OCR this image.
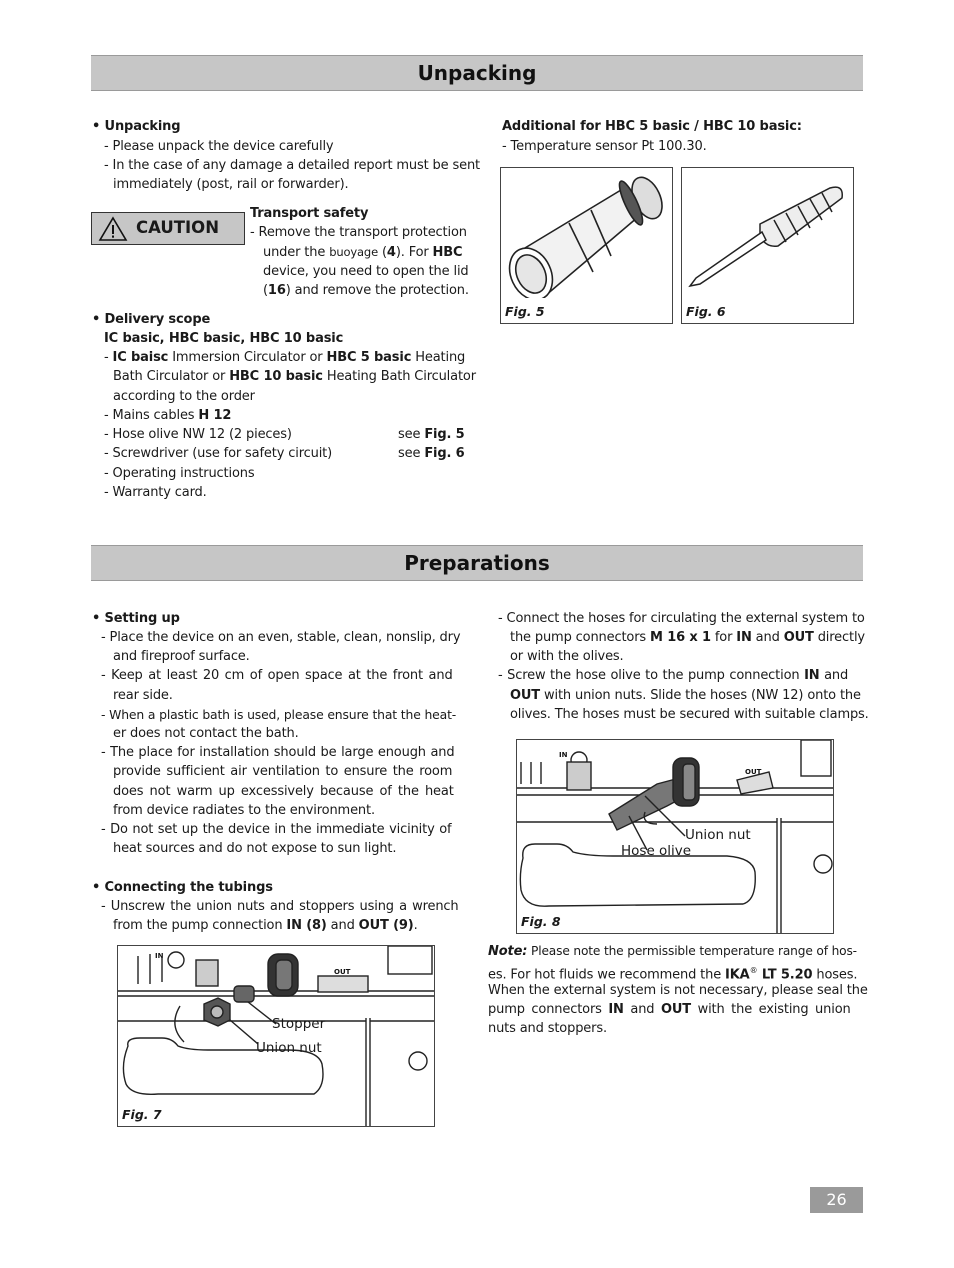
Unpacking
• Unpacking
- Please unpack the device carefully
- In the case of any damage a detailed report must be sent
immediately (post, rail or forwarder).
CAUTION
Transport safety
- Remove the transport protection
under the buoyage (4). For HBC
device, you need to open the lid
(16) and remove the protection.
• Delivery scope
IC basic, HBC basic, HBC 10 basic
- IC baisc Immersion Circulator or HBC 5 basic Heating
Bath Circulator or HBC 10 basic Heating Bath Circulator
according to the order
- Mains cables H 12
- Hose olive NW 12 (2 pieces)	see Fig. 5
- Screwdriver (use for safety circuit)	see Fig. 6
- Operating instructions
- Warranty card.
Additional for HBC 5 basic / HBC 10 basic:
- Temperature sensor Pt 100.30.
Fig. 5	Fig. 6
Preparations
• Setting up
- Place the device on an even, stable, clean, nonslip, dry
and fireproof surface.
- Keep at least 20 cm of open space at the front and
rear side.
- When a plastic bath is used, please ensure that the heat-
er does not contact the bath.
- The place for installation should be large enough and
provide sufficient air ventilation to ensure the room
does not warm up excessively because of the heat
from device radiates to the environment.
- Do not set up the device in the immediate vicinity of
heat sources and do not expose to sun light.
• Connecting the tubings
- Unscrew the union nuts and stoppers using a wrench
from the pump connection IN (8) and OUT (9).
IN
OUT
Stopper
Union nut
Fig. 7
- Connect the hoses for circulating the external system to
the pump connectors M 16 x 1 for IN and OUT directly
or with the olives.
- Screw the hose olive to the pump connection IN and
OUT with union nuts. Slide the hoses (NW 12) onto the
olives. The hoses must be secured with suitable clamps.
IN
OUT
Union nut
Hose olive
Fig. 8
Note: Please note the permissible temperature range of hos-
es. For hot fluids we recommend the IKA® LT 5.20 hoses.
When the external system is not necessary, please seal the
pump connectors IN and OUT with the existing union
nuts and stoppers.
26
